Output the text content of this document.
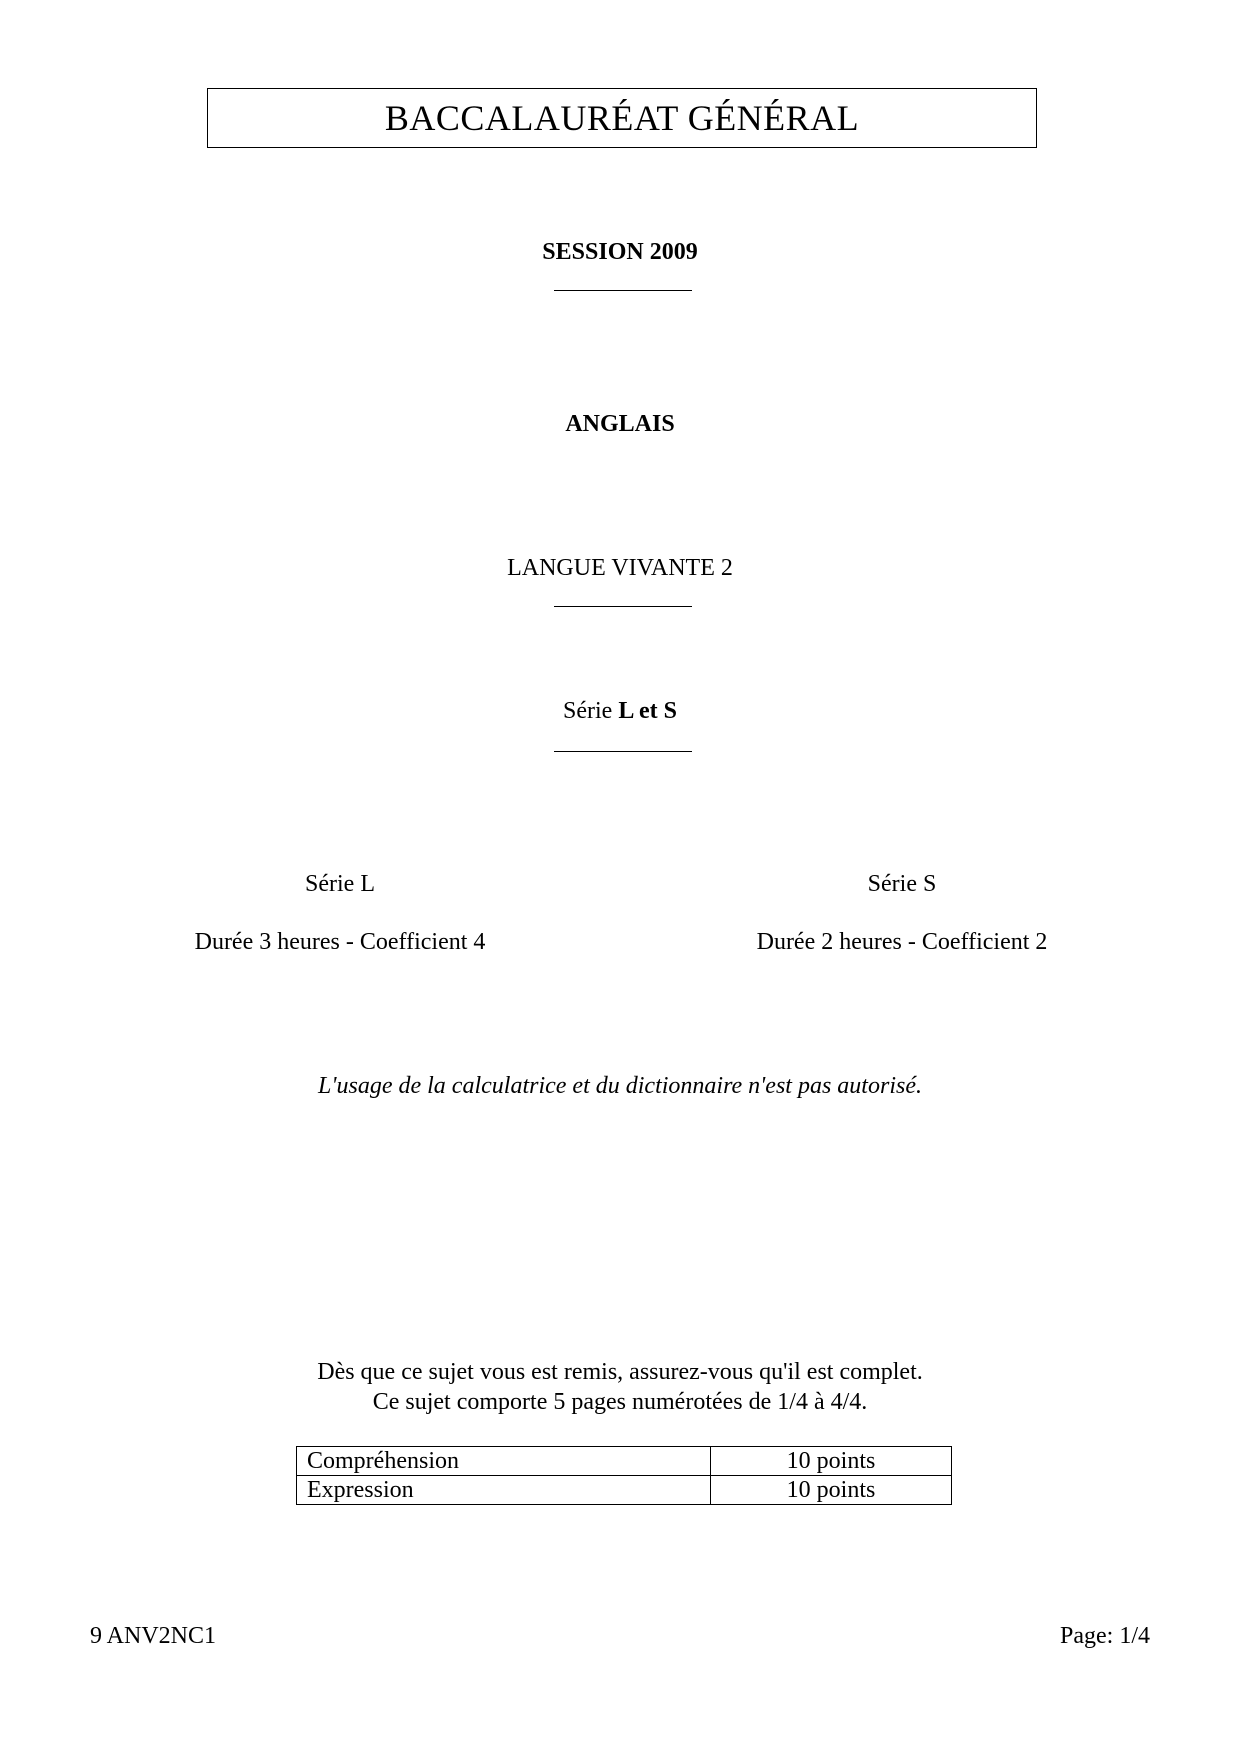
BACCALAURÉAT GÉNÉRAL
SESSION 2009
ANGLAIS
LANGUE VIVANTE 2
Série L et S
Série L
Durée 3 heures - Coefficient 4
Série S
Durée 2 heures - Coefficient 2
L'usage de la calculatrice et du dictionnaire n'est pas autorisé.
Dès que ce sujet vous est remis, assurez-vous qu'il est complet.
Ce sujet comporte 5 pages numérotées de 1/4 à 4/4.
Compréhension	10 points
Expression	10 points
9 ANV2NC1	Page: 1/4
